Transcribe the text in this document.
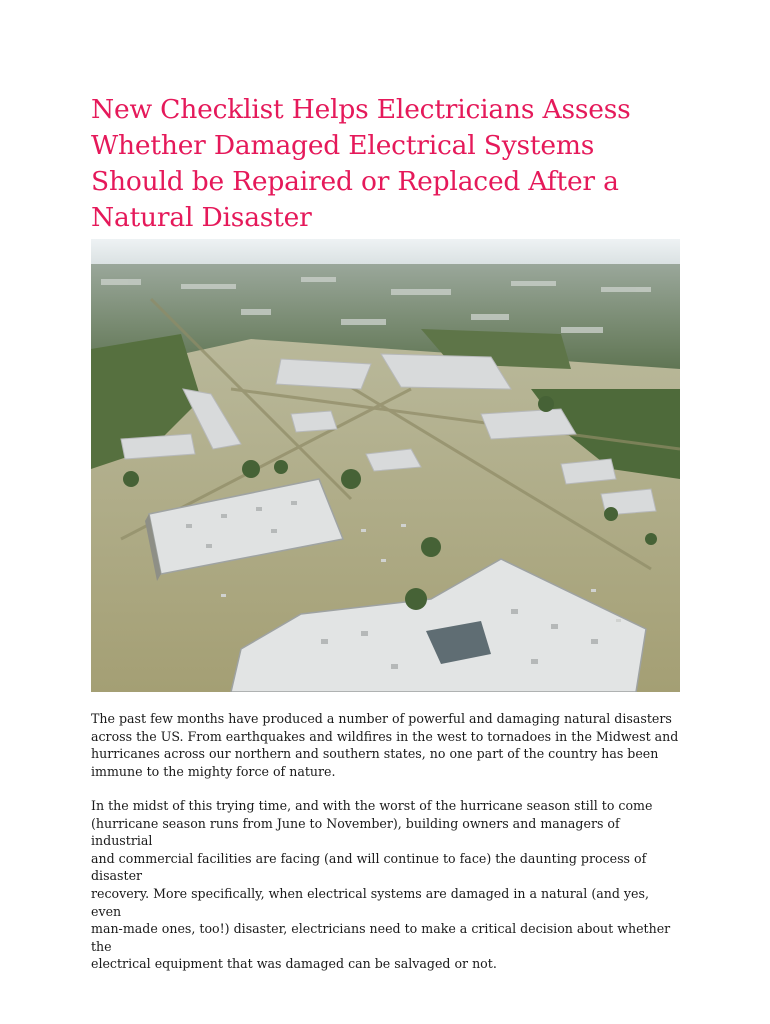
New Checklist Helps Electricians Assess Whether Damaged Electrical Systems Should be Repaired or Replaced After a Natural Disaster

The past few months have produced a number of powerful and damaging natural disasters
across the US. From earthquakes and wildfires in the west to tornadoes in the Midwest and
hurricanes across our northern and southern states, no one part of the country has been
immune to the mighty force of nature.

In the midst of this trying time, and with the worst of the hurricane season still to come
(hurricane season runs from June to November), building owners and managers of industrial
and commercial facilities are facing (and will continue to face) the daunting process of disaster
recovery. More specifically, when electrical systems are damaged in a natural (and yes, even
man-made ones, too!) disaster, electricians need to make a critical decision about whether the
electrical equipment that was damaged can be salvaged or not.
